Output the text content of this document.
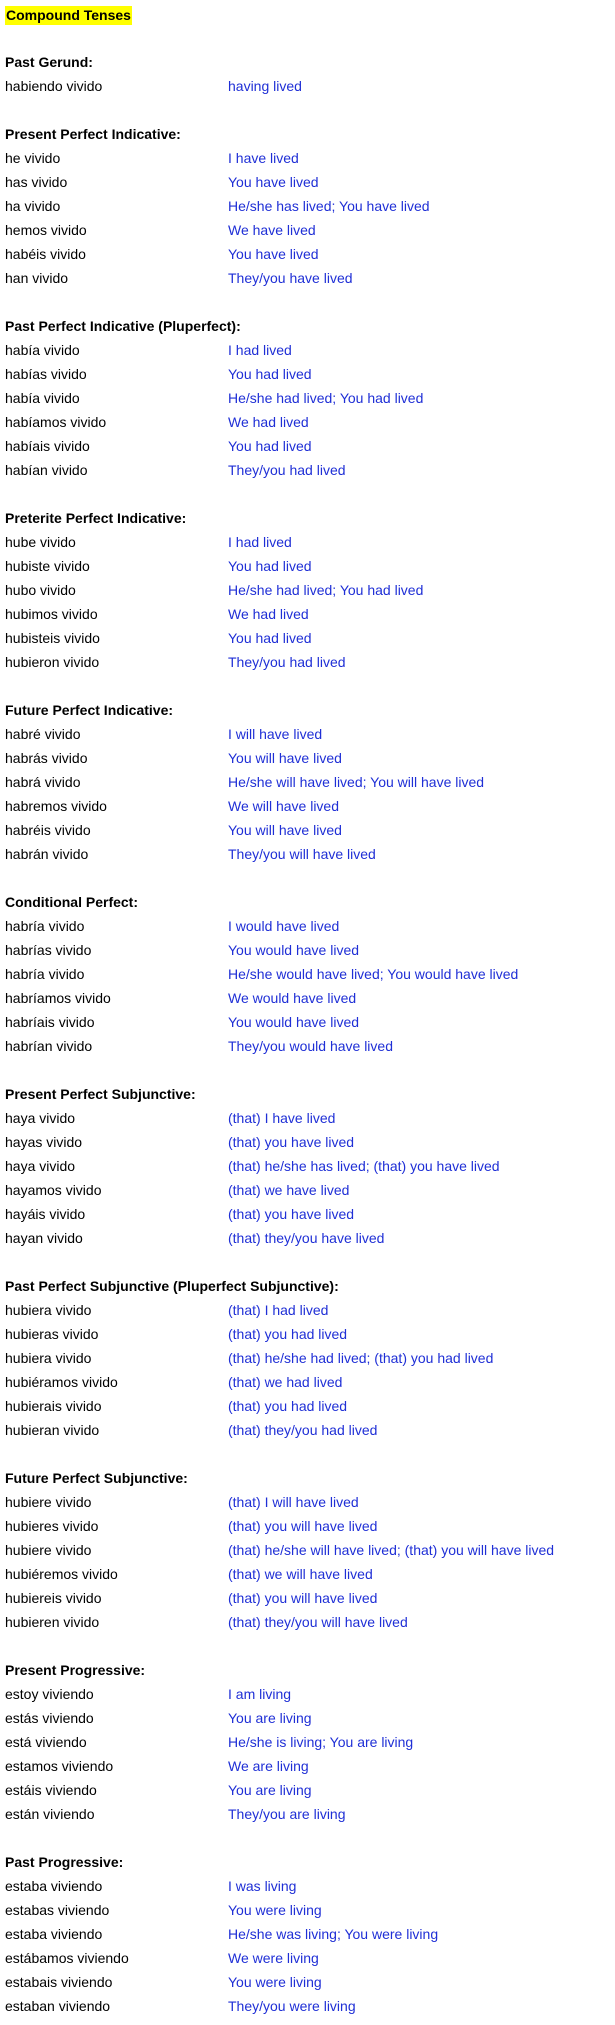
Compound Tenses
Past Gerund:
habiendo vivido	having lived
Present Perfect Indicative:
he vivido	I have lived
has vivido	You have lived
ha vivido	He/she has lived; You have lived
hemos vivido	We have lived
habéis vivido	You have lived
han vivido	They/you have lived
Past Perfect Indicative (Pluperfect):
había vivido	I had lived
habías vivido	You had lived
había vivido	He/she had lived; You had lived
habíamos vivido	We had lived
habíais vivido	You had lived
habían vivido	They/you had lived
Preterite Perfect Indicative:
hube vivido	I had lived
hubiste vivido	You had lived
hubo vivido	He/she had lived; You had lived
hubimos vivido	We had lived
hubisteis vivido	You had lived
hubieron vivido	They/you had lived
Future Perfect Indicative:
habré vivido	I will have lived
habrás vivido	You will have lived
habrá vivido	He/she will have lived; You will have lived
habremos vivido	We will have lived
habréis vivido	You will have lived
habrán vivido	They/you will have lived
Conditional Perfect:
habría vivido	I would have lived
habrías vivido	You would have lived
habría vivido	He/she would have lived; You would have lived
habríamos vivido	We would have lived
habríais vivido	You would have lived
habrían vivido	They/you would have lived
Present Perfect Subjunctive:
haya vivido	(that) I have lived
hayas vivido	(that) you have lived
haya vivido	(that) he/she has lived; (that) you have lived
hayamos vivido	(that) we have lived
hayáis vivido	(that) you have lived
hayan vivido	(that) they/you have lived
Past Perfect Subjunctive (Pluperfect Subjunctive):
hubiera vivido	(that) I had lived
hubieras vivido	(that) you had lived
hubiera vivido	(that) he/she had lived; (that) you had lived
hubiéramos vivido	(that) we had lived
hubierais vivido	(that) you had lived
hubieran vivido	(that) they/you had lived
Future Perfect Subjunctive:
hubiere vivido	(that) I will have lived
hubieres vivido	(that) you will have lived
hubiere vivido	(that) he/she will have lived; (that) you will have lived
hubiéremos vivido	(that) we will have lived
hubiereis vivido	(that) you will have lived
hubieren vivido	(that) they/you will have lived
Present Progressive:
estoy viviendo	I am living
estás viviendo	You are living
está viviendo	He/she is living; You are living
estamos viviendo	We are living
estáis viviendo	You are living
están viviendo	They/you are living
Past Progressive:
estaba viviendo	I was living
estabas viviendo	You were living
estaba viviendo	He/she was living; You were living
estábamos viviendo	We were living
estabais viviendo	You were living
estaban viviendo	They/you were living
